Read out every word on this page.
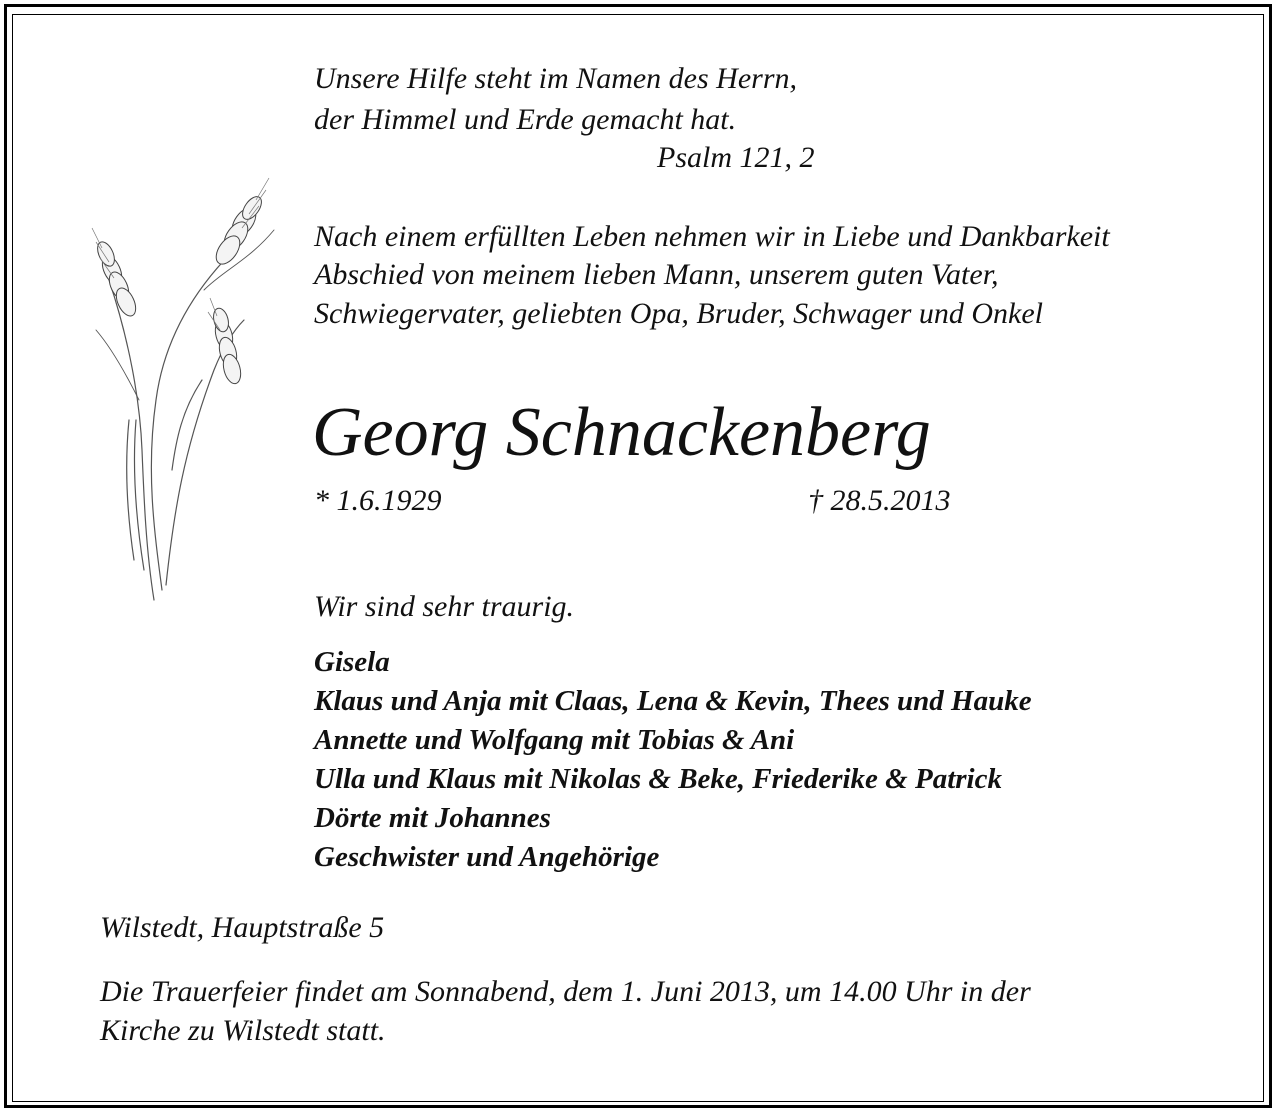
Unsere Hilfe steht im Namen des Herrn,

der Himmel und Erde gemacht hat.

Psalm 121, 2

Nach einem erfüllten Leben nehmen wir in Liebe und Dankbarkeit

Abschied von meinem lieben Mann, unserem guten Vater,

Schwiegervater, geliebten Opa, Bruder, Schwager und Onkel

Georg Schnackenberg

* 1.6.1929	† 28.5.2013

Wir sind sehr traurig.

Gisela

Klaus und Anja mit Claas, Lena & Kevin, Thees und Hauke

Annette und Wolfgang mit Tobias & Ani

Ulla und Klaus mit Nikolas & Beke, Friederike & Patrick

Dörte mit Johannes

Geschwister und Angehörige

Wilstedt, Hauptstraße 5

Die Trauerfeier findet am Sonnabend, dem 1. Juni 2013, um 14.00 Uhr in der

Kirche zu Wilstedt statt.
